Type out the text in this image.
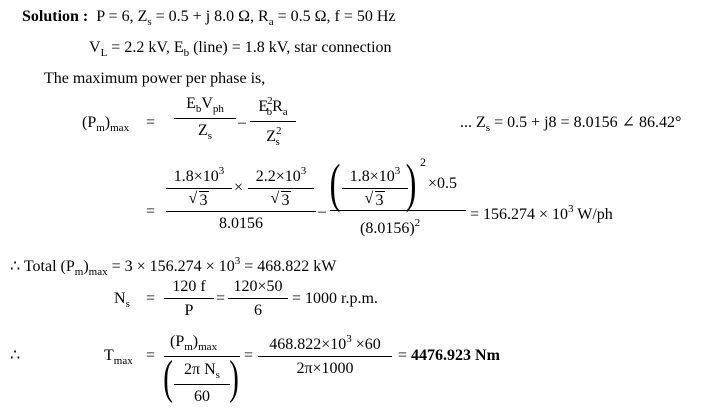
Solution : P = 6, $Z_s = 0.5 + j$ 8.0 Ω, $R_a = 0.5$ Ω, f = 50 Hz
$V_L = 2.2$ kV, $E_b$ (line) = 1.8 kV, star connection
The maximum power per phase is,
$(P_m)_{max}$ =
$E_bV_{ph}$
$Z_s$
–
$E^2_bR_a$
$Z^2_s$
... $Z_s = 0.5 + j8 = 8.0156$ ∠ 86.42°
=
$1.8\times 10^3$
√ 3
×
$2.2\times 10^3$
√ 3
8.0156
– ( $1.8\times 10^3$
√ 3 ) 2
×0.5
$(8.0156)^2$	= $156.274 \times 10^3$ W/ph
∴ Total $(P_m)_{max} = 3 \times 156.274 \times 10^3 = 468.822$ kW
$N_s$ =
120 f
P
=
120×50
6
= 1000 r.p.m.
∴	$T_{max}$ =
$(P_m)_{max}$
( 2π $N_s$
60 ) =
$468.822\times 10^3 \times 60$
2π×1000
= 4476.923 Nm
